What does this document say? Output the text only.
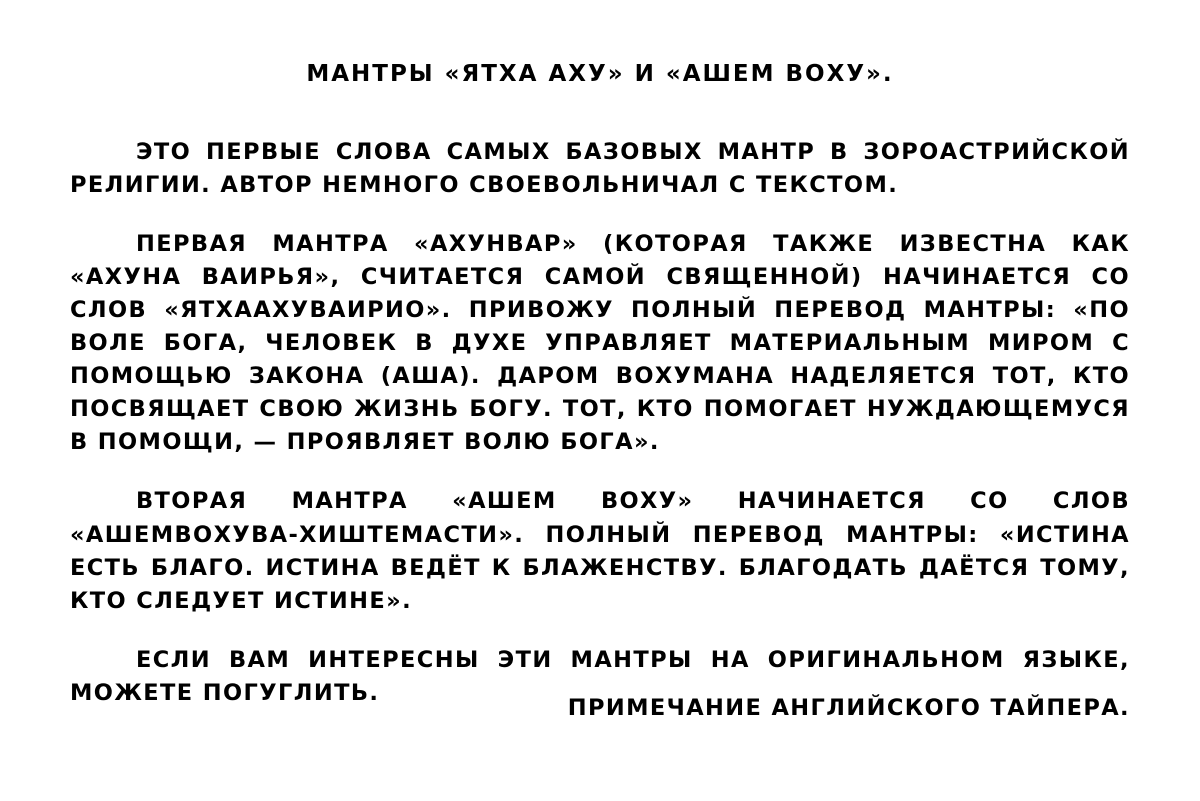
МАНТРЫ «ЯТХА АХУ» И «АШЕМ ВОХУ».

ЭТО ПЕРВЫЕ СЛОВА САМЫХ БАЗОВЫХ МАНТР В ЗОРОАСТРИЙСКОЙ РЕЛИГИИ. АВТОР НЕМНОГО СВОЕВОЛЬНИЧАЛ С ТЕКСТОМ.

ПЕРВАЯ МАНТРА «АХУНВАР» (КОТОРАЯ ТАКЖЕ ИЗВЕСТНА КАК «АХУНА ВАИРЬЯ», СЧИТАЕТСЯ САМОЙ СВЯЩЕННОЙ) НАЧИНАЕТСЯ СО СЛОВ «ЯТХААХУВАИРИО». ПРИВОЖУ ПОЛНЫЙ ПЕРЕВОД МАНТРЫ: «ПО ВОЛЕ БОГА, ЧЕЛОВЕК В ДУХЕ УПРАВЛЯЕТ МАТЕРИАЛЬНЫМ МИРОМ С ПОМОЩЬЮ ЗАКОНА (АША). ДАРОМ ВОХУМАНА НАДЕЛЯЕТСЯ ТОТ, КТО ПОСВЯЩАЕТ СВОЮ ЖИЗНЬ БОГУ. ТОТ, КТО ПОМОГАЕТ НУЖДАЮЩЕМУСЯ В ПОМОЩИ, — ПРОЯВЛЯЕТ ВОЛЮ БОГА».

ВТОРАЯ МАНТРА «АШЕМ ВОХУ» НАЧИНАЕТСЯ СО СЛОВ «АШЕМВОХУВА-ХИШТЕМАСТИ». ПОЛНЫЙ ПЕРЕВОД МАНТРЫ: «ИСТИНА ЕСТЬ БЛАГО. ИСТИНА ВЕДЁТ К БЛАЖЕНСТВУ. БЛАГОДАТЬ ДАЁТСЯ ТОМУ, КТО СЛЕДУЕТ ИСТИНЕ».

ЕСЛИ ВАМ ИНТЕРЕСНЫ ЭТИ МАНТРЫ НА ОРИГИНАЛЬНОМ ЯЗЫКЕ, МОЖЕТЕ ПОГУГЛИТЬ.

ПРИМЕЧАНИЕ АНГЛИЙСКОГО ТАЙПЕРА.
